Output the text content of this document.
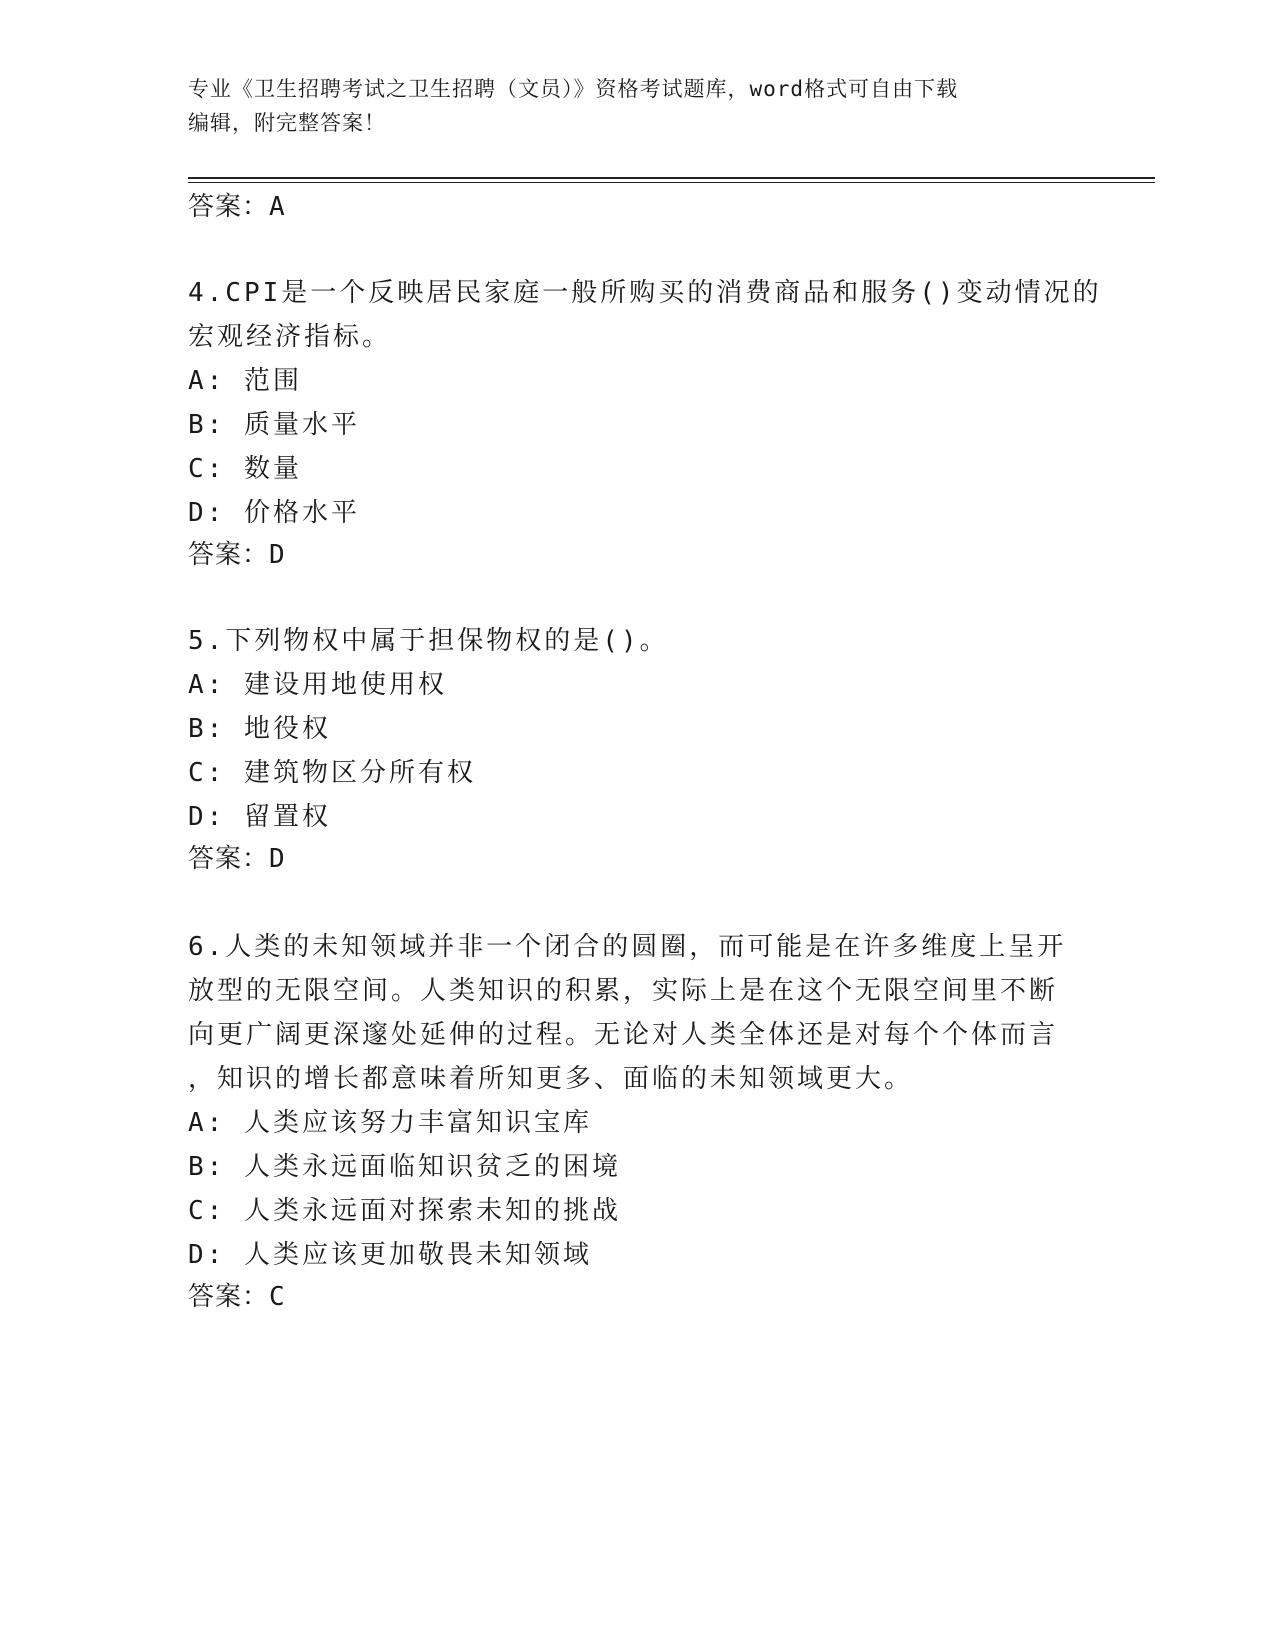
专业《卫生招聘考试之卫生招聘（文员）》资格考试题库，word格式可自由下载
编辑，附完整答案！
答案：A
4.CPI是一个反映居民家庭一般所购买的消费商品和服务()变动情况的
宏观经济指标。
A: 范围
B: 质量水平
C: 数量
D: 价格水平
答案：D
5.下列物权中属于担保物权的是()。
A: 建设用地使用权
B: 地役权
C: 建筑物区分所有权
D: 留置权
答案：D
6.人类的未知领域并非一个闭合的圆圈，而可能是在许多维度上呈开
放型的无限空间。人类知识的积累，实际上是在这个无限空间里不断
向更广阔更深邃处延伸的过程。无论对人类全体还是对每个个体而言
，知识的增长都意味着所知更多、面临的未知领域更大。
A: 人类应该努力丰富知识宝库
B: 人类永远面临知识贫乏的困境
C: 人类永远面对探索未知的挑战
D: 人类应该更加敬畏未知领域
答案：C
